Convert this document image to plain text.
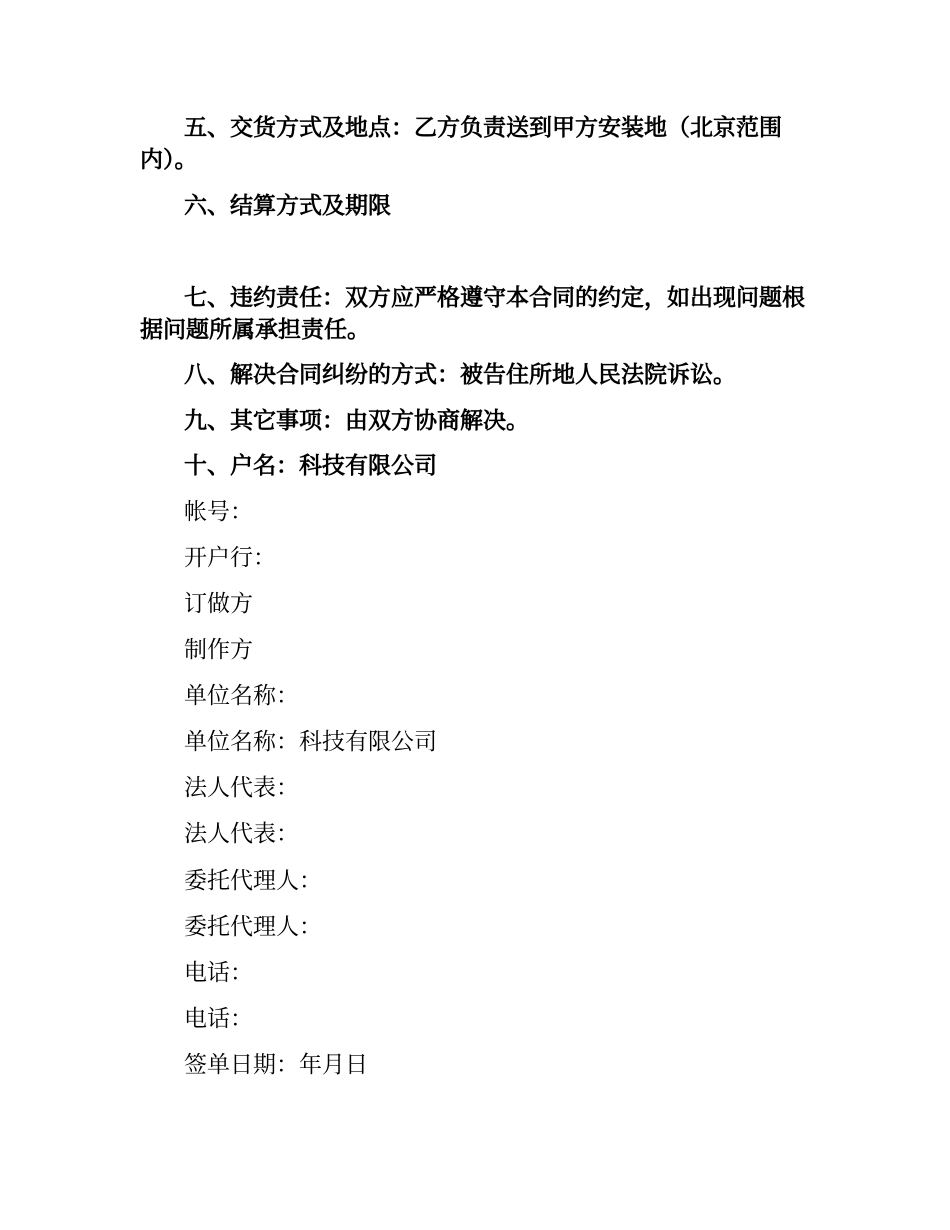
五、交货方式及地点：乙方负责送到甲方安装地（北京范围内）。

六、结算方式及期限

七、违约责任：双方应严格遵守本合同的约定，如出现问题根据问题所属承担责任。

八、解决合同纠纷的方式：被告住所地人民法院诉讼。

九、其它事项：由双方协商解决。

十、户名：科技有限公司

帐号：

开户行：

订做方

制作方

单位名称：

单位名称：科技有限公司

法人代表：

法人代表：

委托代理人：

委托代理人：

电话：

电话：

签单日期：年月日
